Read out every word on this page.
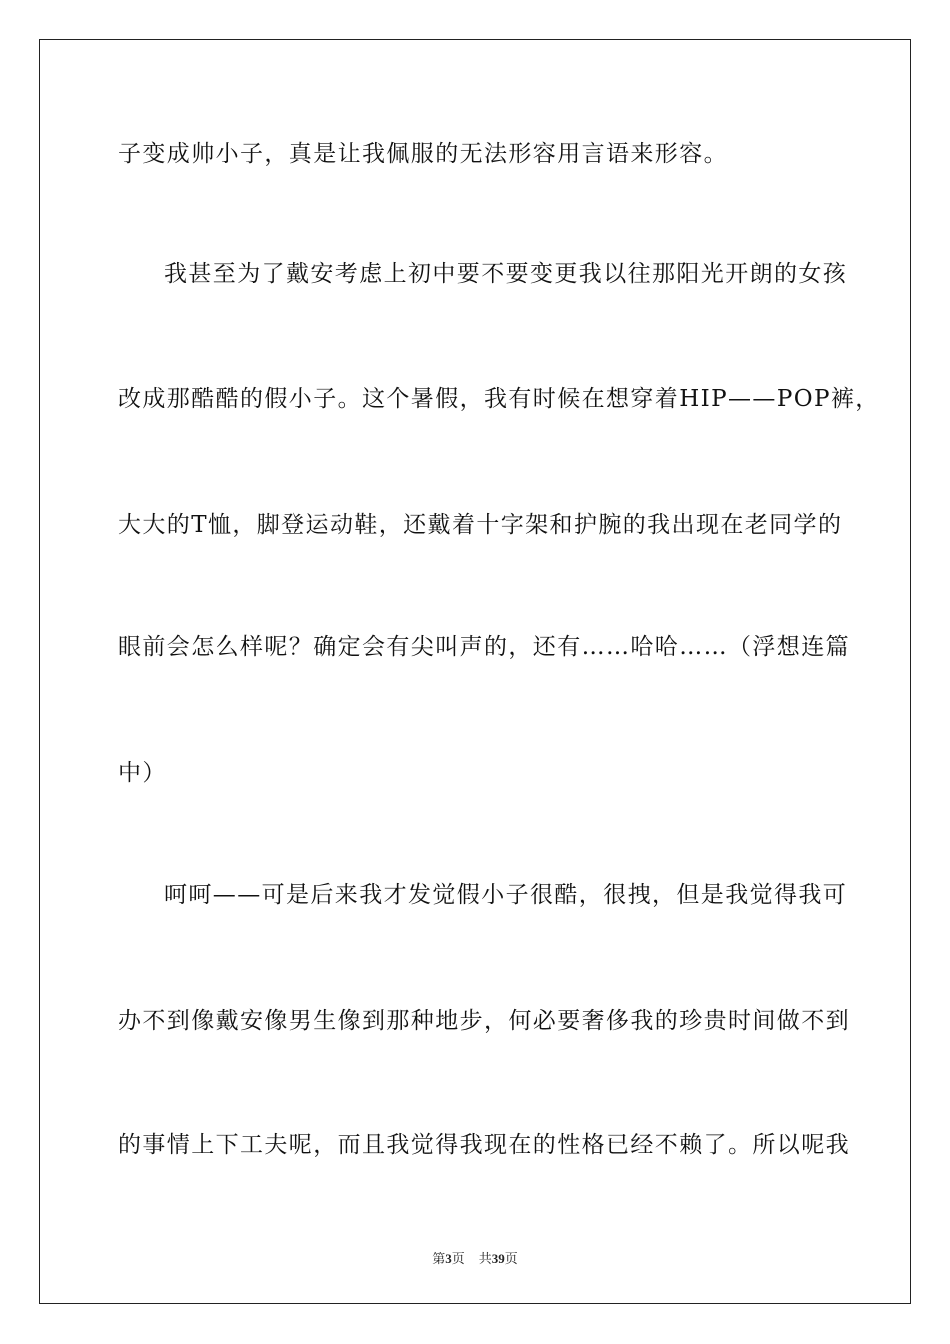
子变成帅小子，真是让我佩服的无法形容用言语来形容。
我甚至为了戴安考虑上初中要不要变更我以往那阳光开朗的女孩
改成那酷酷的假小子。这个暑假，我有时候在想穿着HIP——POP裤，
大大的T恤，脚登运动鞋，还戴着十字架和护腕的我出现在老同学的
眼前会怎么样呢？确定会有尖叫声的，还有……哈哈……（浮想连篇
中）
呵呵——可是后来我才发觉假小子很酷，很拽，但是我觉得我可
办不到像戴安像男生像到那种地步，何必要奢侈我的珍贵时间做不到
的事情上下工夫呢，而且我觉得我现在的性格已经不赖了。所以呢我
第3页 共39页
